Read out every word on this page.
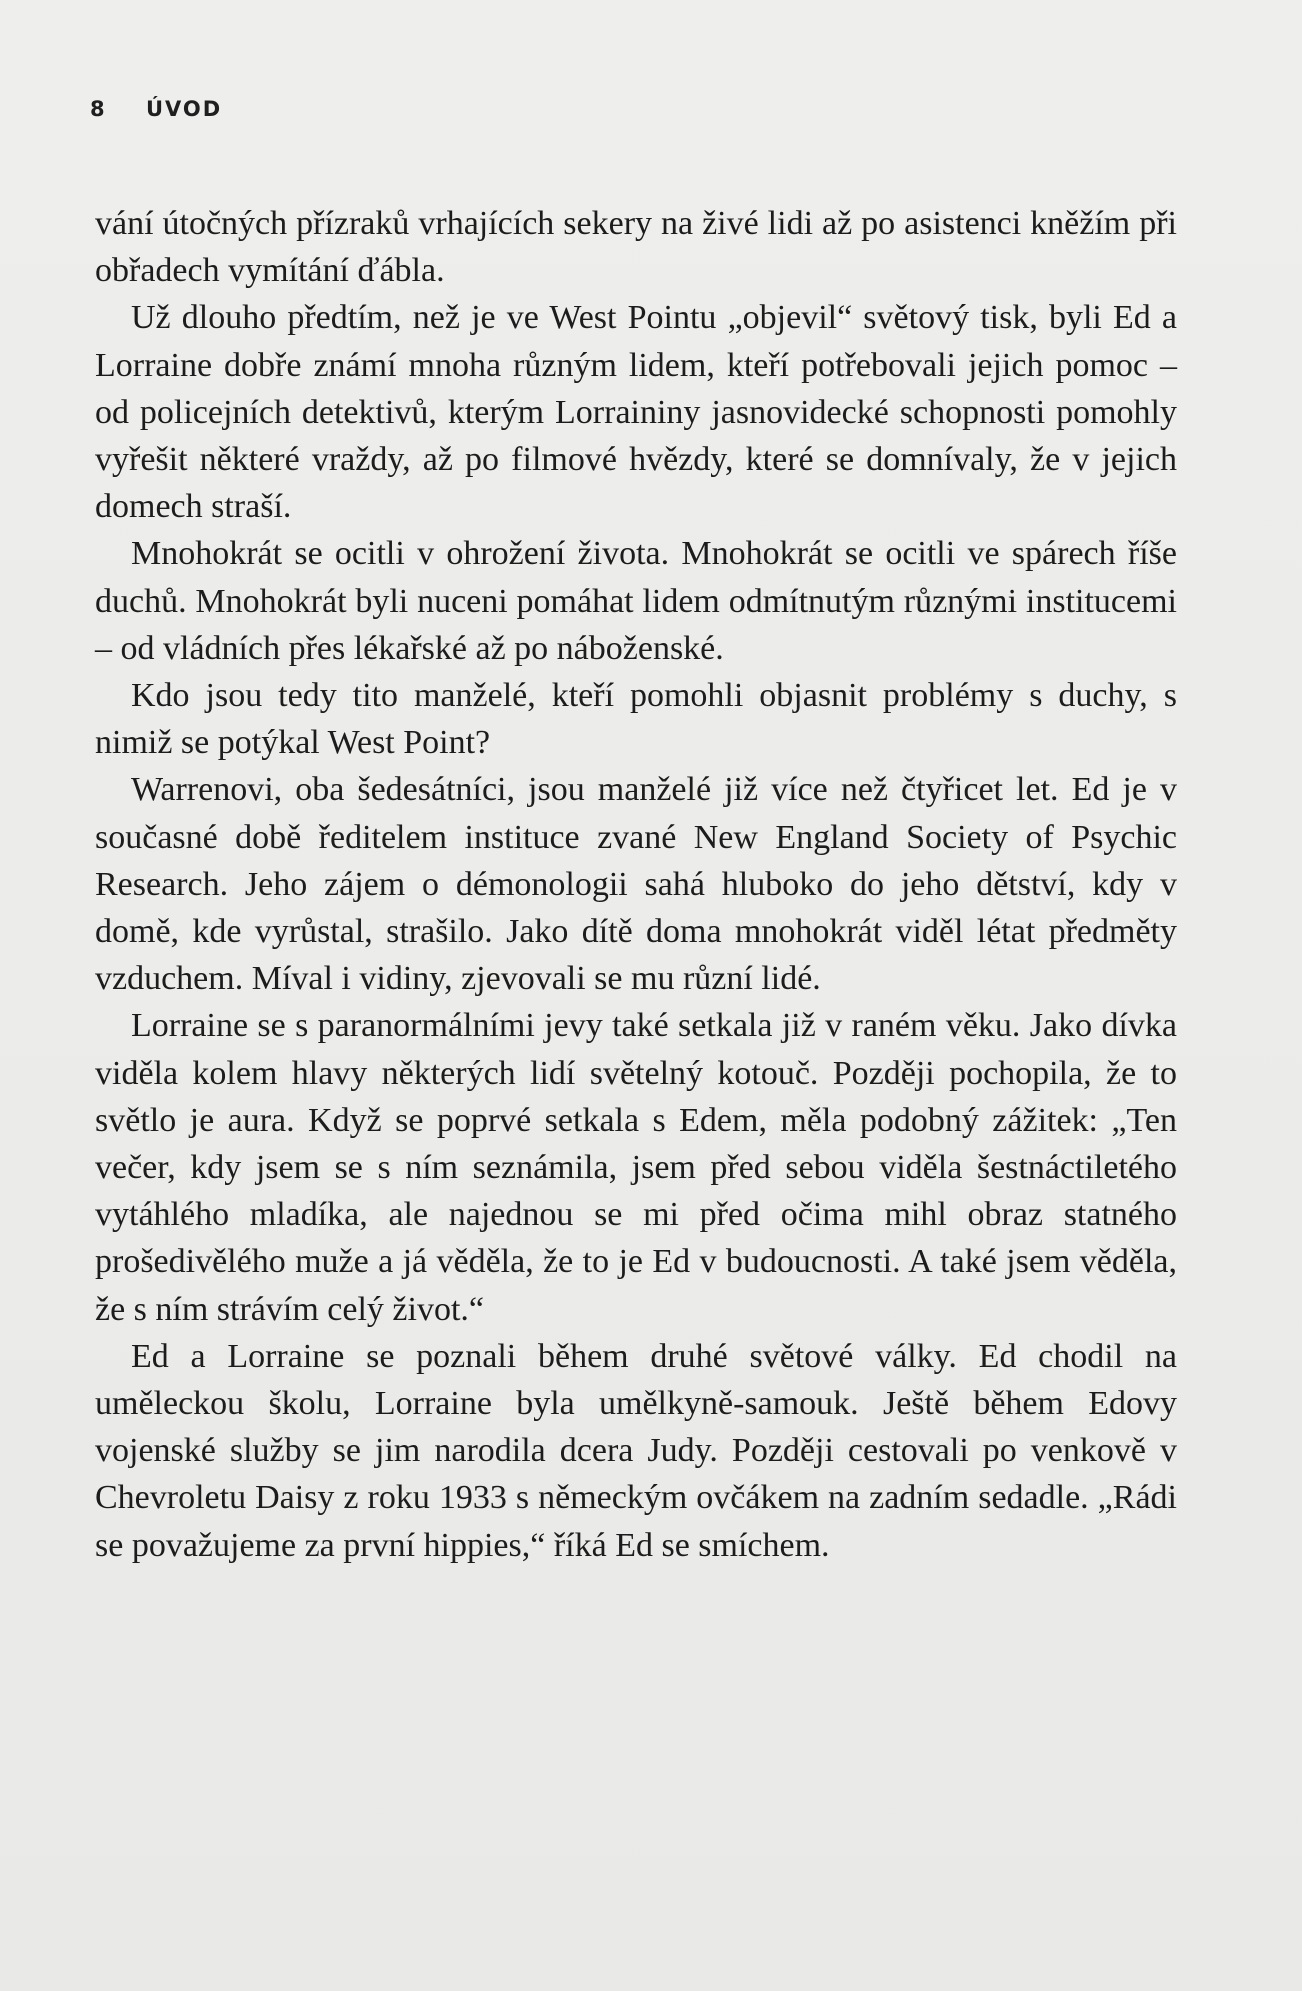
8 ÚVOD

vání útočných přízraků vrhajících sekery na živé lidi až po asistenci kněžím při obřadech vymítání ďábla.

Už dlouho předtím, než je ve West Pointu „objevil“ světový tisk, byli Ed a Lorraine dobře známí mnoha různým lidem, kteří potřebovali jejich pomoc – od policejních detektivů, kterým Lorraininy jasnovidecké schopnosti pomohly vyřešit některé vraždy, až po filmové hvězdy, které se domnívaly, že v jejich domech straší.

Mnohokrát se ocitli v ohrožení života. Mnohokrát se ocitli ve spárech říše duchů. Mnohokrát byli nuceni pomáhat lidem odmítnutým různými institucemi – od vládních přes lékařské až po náboženské.

Kdo jsou tedy tito manželé, kteří pomohli objasnit problémy s duchy, s nimiž se potýkal West Point?

Warrenovi, oba šedesátníci, jsou manželé již více než čtyřicet let. Ed je v současné době ředitelem instituce zvané New England Society of Psychic Research. Jeho zájem o démonologii sahá hluboko do jeho dětství, kdy v domě, kde vyrůstal, strašilo. Jako dítě doma mnohokrát viděl létat předměty vzduchem. Míval i vidiny, zjevovali se mu různí lidé.

Lorraine se s paranormálními jevy také setkala již v raném věku. Jako dívka viděla kolem hlavy některých lidí světelný kotouč. Později pochopila, že to světlo je aura. Když se poprvé setkala s Edem, měla podobný zážitek: „Ten večer, kdy jsem se s ním seznámila, jsem před sebou viděla šestnáctiletého vytáhlého mladíka, ale najednou se mi před očima mihl obraz statného prošedivělého muže a já věděla, že to je Ed v budoucnosti. A také jsem věděla, že s ním strávím celý život.“

Ed a Lorraine se poznali během druhé světové války. Ed chodil na uměleckou školu, Lorraine byla umělkyně-samouk. Ještě během Edovy vojenské služby se jim narodila dcera Judy. Později cestovali po venkově v Chevroletu Daisy z roku 1933 s německým ovčákem na zadním sedadle. „Rádi se považujeme za první hippies,“ říká Ed se smíchem.
